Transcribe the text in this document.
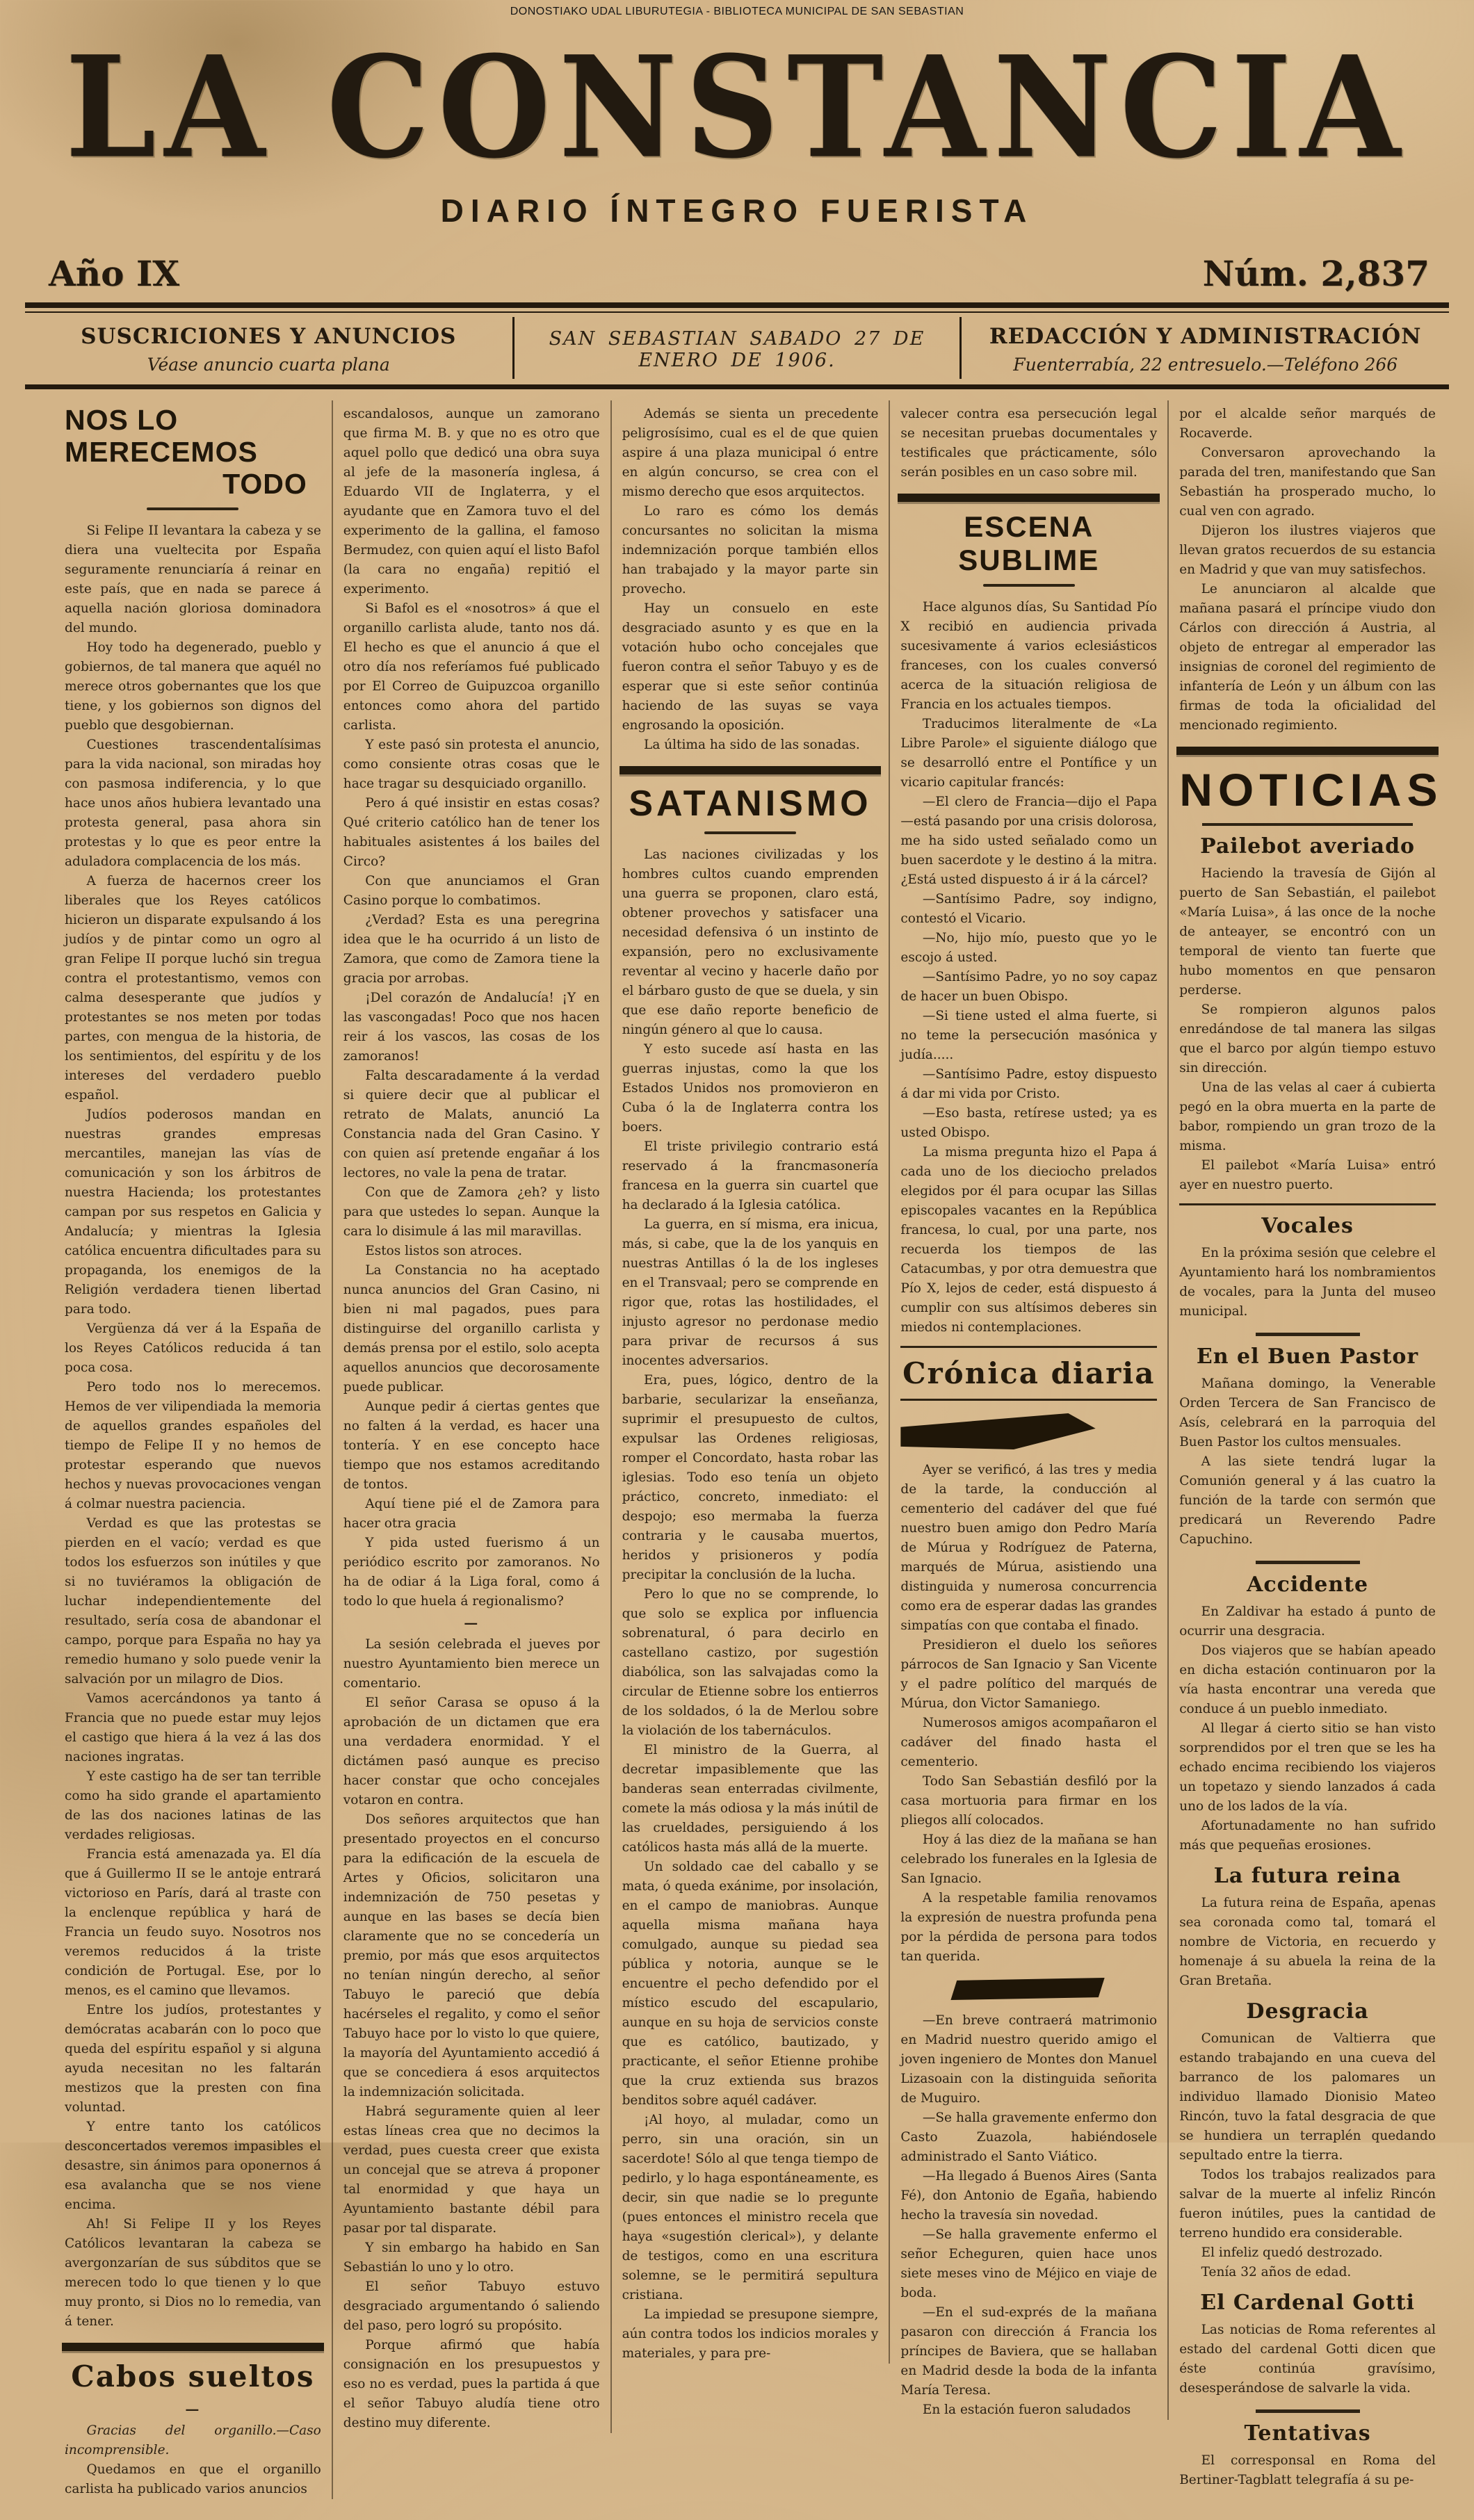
DONOSTIAKO UDAL LIBURUTEGIA - BIBLIOTECA MUNICIPAL DE SAN SEBASTIAN
LA CONSTANCIA
DIARIO ÍNTEGRO FUERISTA
Año IX	Núm. 2,837
SUSCRICIONES Y ANUNCIOS
Véase anuncio cuarta plana
SAN SEBASTIAN SABADO 27 DE ENERO DE 1906.
REDACCIÓN Y ADMINISTRACIÓN
Fuenterrabía, 22 entresuelo.—Teléfono 266
NOS LO MERECEMOS
TODO
Si Felipe II levantara la cabeza y se diera una vueltecita por España seguramente renunciaría á reinar en este país, que en nada se parece á aquella nación gloriosa dominadora del mundo.
Hoy todo ha degenerado, pueblo y gobiernos, de tal manera que aquél no merece otros gobernantes que los que tiene, y los gobiernos son dignos del pueblo que desgobiernan.
Cuestiones trascendentalísimas para la vida nacional, son miradas hoy con pasmosa indiferencia, y lo que hace unos años hubiera levantado una protesta general, pasa ahora sin protestas y lo que es peor entre la aduladora complacencia de los más.
A fuerza de hacernos creer los liberales que los Reyes católicos hicieron un disparate expulsando á los judíos y de pintar como un ogro al gran Felipe II porque luchó sin tregua contra el protestantismo, vemos con calma desesperante que judíos y protestantes se nos meten por todas partes, con mengua de la historia, de los sentimientos, del espíritu y de los intereses del verdadero pueblo español.
Judíos poderosos mandan en nuestras grandes empresas mercantiles, manejan las vías de comunicación y son los árbitros de nuestra Hacienda; los protestantes campan por sus respetos en Galicia y Andalucía; y mientras la Iglesia católica encuentra dificultades para su propaganda, los enemigos de la Religión verdadera tienen libertad para todo.
Vergüenza dá ver á la España de los Reyes Católicos reducida á tan poca cosa.
Pero todo nos lo merecemos. Hemos de ver vilipendiada la memoria de aquellos grandes españoles del tiempo de Felipe II y no hemos de protestar esperando que nuevos hechos y nuevas provocaciones vengan á colmar nuestra paciencia.
Verdad es que las protestas se pierden en el vacío; verdad es que todos los esfuerzos son inútiles y que si no tuviéramos la obligación de luchar independientemente del resultado, sería cosa de abandonar el campo, porque para España no hay ya remedio humano y solo puede venir la salvación por un milagro de Dios.
Vamos acercándonos ya tanto á Francia que no puede estar muy lejos el castigo que hiera á la vez á las dos naciones ingratas.
Y este castigo ha de ser tan terrible como ha sido grande el apartamiento de las dos naciones latinas de las verdades religiosas.
Francia está amenazada ya. El día que á Guillermo II se le antoje entrará victorioso en París, dará al traste con la enclenque república y hará de Francia un feudo suyo. Nosotros nos veremos reducidos á la triste condición de Portugal. Ese, por lo menos, es el camino que llevamos.
Entre los judíos, protestantes y demócratas acabarán con lo poco que queda del espíritu español y si alguna ayuda necesitan no les faltarán mestizos que la presten con fina voluntad.
Y entre tanto los católicos desconcertados veremos impasibles el desastre, sin ánimos para oponernos á esa avalancha que se nos viene encima.
Ah! Si Felipe II y los Reyes Católicos levantaran la cabeza se avergonzarían de sus súbditos que se merecen todo lo que tienen y lo que muy pronto, si Dios no lo remedia, van á tener.
Cabos sueltos
—
Gracias del organillo.—Caso incomprensible.
Quedamos en que el organillo carlista ha publicado varios anuncios
escandalosos, aunque un zamorano que firma M. B. y que no es otro que aquel pollo que dedicó una obra suya al jefe de la masonería inglesa, á Eduardo VII de Inglaterra, y el ayudante que en Zamora tuvo el del experimento de la gallina, el famoso Bermudez, con quien aquí el listo Bafol (la cara no engaña) repitió el experimento.
Si Bafol es el «nosotros» á que el organillo carlista alude, tanto nos dá. El hecho es que el anuncio á que el otro día nos referíamos fué publicado por El Correo de Guipuzcoa organillo entonces como ahora del partido carlista.
Y este pasó sin protesta el anuncio, como consiente otras cosas que le hace tragar su desquiciado organillo.
Pero á qué insistir en estas cosas? Qué criterio católico han de tener los habituales asistentes á los bailes del Circo?
Con que anunciamos el Gran Casino porque lo combatimos.
¿Verdad? Esta es una peregrina idea que le ha ocurrido á un listo de Zamora, que como de Zamora tiene la gracia por arrobas.
¡Del corazón de Andalucía! ¡Y en las vascongadas! Poco que nos hacen reir á los vascos, las cosas de los zamoranos!
Falta descaradamente á la verdad si quiere decir que al publicar el retrato de Malats, anunció La Constancia nada del Gran Casino. Y con quien así pretende engañar á los lectores, no vale la pena de tratar.
Con que de Zamora ¿eh? y listo para que ustedes lo sepan. Aunque la cara lo disimule á las mil maravillas.
Estos listos son atroces.
La Constancia no ha aceptado nunca anuncios del Gran Casino, ni bien ni mal pagados, pues para distinguirse del organillo carlista y demás prensa por el estilo, solo acepta aquellos anuncios que decorosamente puede publicar.
Aunque pedir á ciertas gentes que no falten á la verdad, es hacer una tontería. Y en ese concepto hace tiempo que nos estamos acreditando de tontos.
Aquí tiene pié el de Zamora para hacer otra gracia
Y pida usted fuerismo á un periódico escrito por zamoranos. No ha de odiar á la Liga foral, como á todo lo que huela á regionalismo?
—
La sesión celebrada el jueves por nuestro Ayuntamiento bien merece un comentario.
El señor Carasa se opuso á la aprobación de un dictamen que era una verdadera enormidad. Y el dictámen pasó aunque es preciso hacer constar que ocho concejales votaron en contra.
Dos señores arquitectos que han presentado proyectos en el concurso para la edificación de la escuela de Artes y Oficios, solicitaron una indemnización de 750 pesetas y aunque en las bases se decía bien claramente que no se concedería un premio, por más que esos arquitectos no tenían ningún derecho, al señor Tabuyo le pareció que debía hacérseles el regalito, y como el señor Tabuyo hace por lo visto lo que quiere, la mayoría del Ayuntamiento accedió á que se concediera á esos arquitectos la indemnización solicitada.
Habrá seguramente quien al leer estas líneas crea que no decimos la verdad, pues cuesta creer que exista un concejal que se atreva á proponer tal enormidad y que haya un Ayuntamiento bastante débil para pasar por tal disparate.
Y sin embargo ha habido en San Sebastián lo uno y lo otro.
El señor Tabuyo estuvo desgraciado argumentando ó saliendo del paso, pero logró su propósito.
Porque afirmó que había consignación en los presupuestos y eso no es verdad, pues la partida á que el señor Tabuyo aludía tiene otro destino muy diferente.
Además se sienta un precedente peligrosísimo, cual es el de que quien aspire á una plaza municipal ó entre en algún concurso, se crea con el mismo derecho que esos arquitectos.
Lo raro es cómo los demás concursantes no solicitan la misma indemnización porque también ellos han trabajado y la mayor parte sin provecho.
Hay un consuelo en este desgraciado asunto y es que en la votación hubo ocho concejales que fueron contra el señor Tabuyo y es de esperar que si este señor continúa haciendo de las suyas se vaya engrosando la oposición.
La última ha sido de las sonadas.
SATANISMO
Las naciones civilizadas y los hombres cultos cuando emprenden una guerra se proponen, claro está, obtener provechos y satisfacer una necesidad defensiva ó un instinto de expansión, pero no exclusivamente reventar al vecino y hacerle daño por el bárbaro gusto de que se duela, y sin que ese daño reporte beneficio de ningún género al que lo causa.
Y esto sucede así hasta en las guerras injustas, como la que los Estados Unidos nos promovieron en Cuba ó la de Inglaterra contra los boers.
El triste privilegio contrario está reservado á la francmasonería francesa en la guerra sin cuartel que ha declarado á la Iglesia católica.
La guerra, en sí misma, era inicua, más, si cabe, que la de los yanquis en nuestras Antillas ó la de los ingleses en el Transvaal; pero se comprende en rigor que, rotas las hostilidades, el injusto agresor no perdonase medio para privar de recursos á sus inocentes adversarios.
Era, pues, lógico, dentro de la barbarie, secularizar la enseñanza, suprimir el presupuesto de cultos, expulsar las Ordenes religiosas, romper el Concordato, hasta robar las iglesias. Todo eso tenía un objeto práctico, concreto, inmediato: el despojo; eso mermaba la fuerza contraria y le causaba muertos, heridos y prisioneros y podía precipitar la conclusión de la lucha.
Pero lo que no se comprende, lo que solo se explica por influencia sobrenatural, ó para decirlo en castellano castizo, por sugestión diabólica, son las salvajadas como la circular de Etienne sobre los entierros de los soldados, ó la de Merlou sobre la violación de los tabernáculos.
El ministro de la Guerra, al decretar impasiblemente que las banderas sean enterradas civilmente, comete la más odiosa y la más inútil de las crueldades, persiguiendo á los católicos hasta más allá de la muerte.
Un soldado cae del caballo y se mata, ó queda exánime, por insolación, en el campo de maniobras. Aunque aquella misma mañana haya comulgado, aunque su piedad sea pública y notoria, aunque se le encuentre el pecho defendido por el místico escudo del escapulario, aunque en su hoja de servicios conste que es católico, bautizado, y practicante, el señor Etienne prohibe que la cruz extienda sus brazos benditos sobre aquél cadáver.
¡Al hoyo, al muladar, como un perro, sin una oración, sin un sacerdote! Sólo al que tenga tiempo de pedirlo, y lo haga espontáneamente, es decir, sin que nadie se lo pregunte (pues entonces el ministro recela que haya «sugestión clerical»), y delante de testigos, como en una escritura solemne, se le permitirá sepultura cristiana.
La impiedad se presupone siempre, aún contra todos los indicios morales y materiales, y para pre-
valecer contra esa persecución legal se necesitan pruebas documentales y testificales que prácticamente, sólo serán posibles en un caso sobre mil.
ESCENA SUBLIME
Hace algunos días, Su Santidad Pío X recibió en audiencia privada sucesivamente á varios eclesiásticos franceses, con los cuales conversó acerca de la situación religiosa de Francia en los actuales tiempos.
Traducimos literalmente de «La Libre Parole» el siguiente diálogo que se desarrolló entre el Pontífice y un vicario capitular francés:
—El clero de Francia—dijo el Papa—está pasando por una crisis dolorosa, me ha sido usted señalado como un buen sacerdote y le destino á la mitra. ¿Está usted dispuesto á ir á la cárcel?
—Santísimo Padre, soy indigno, contestó el Vicario.
—No, hijo mío, puesto que yo le escojo á usted.
—Santísimo Padre, yo no soy capaz de hacer un buen Obispo.
—Si tiene usted el alma fuerte, si no teme la persecución masónica y judía.....
—Santísimo Padre, estoy dispuesto á dar mi vida por Cristo.
—Eso basta, retírese usted; ya es usted Obispo.
La misma pregunta hizo el Papa á cada uno de los dieciocho prelados elegidos por él para ocupar las Sillas episcopales vacantes en la República francesa, lo cual, por una parte, nos recuerda los tiempos de las Catacumbas, y por otra demuestra que Pío X, lejos de ceder, está dispuesto á cumplir con sus altísimos deberes sin miedos ni contemplaciones.
Crónica diaria
Ayer se verificó, á las tres y media de la tarde, la conducción al cementerio del cadáver del que fué nuestro buen amigo don Pedro María de Múrua y Rodríguez de Paterna, marqués de Múrua, asistiendo una distinguida y numerosa concurrencia como era de esperar dadas las grandes simpatías con que contaba el finado.
Presidieron el duelo los señores párrocos de San Ignacio y San Vicente y el padre político del marqués de Múrua, don Victor Samaniego.
Numerosos amigos acompañaron el cadáver del finado hasta el cementerio.
Todo San Sebastián desfiló por la casa mortuoria para firmar en los pliegos allí colocados.
Hoy á las diez de la mañana se han celebrado los funerales en la Iglesia de San Ignacio.
A la respetable familia renovamos la expresión de nuestra profunda pena por la pérdida de persona para todos tan querida.
—En breve contraerá matrimonio en Madrid nuestro querido amigo el joven ingeniero de Montes don Manuel Lizasoain con la distinguida señorita de Muguiro.
—Se halla gravemente enfermo don Casto Zuazola, habiéndosele administrado el Santo Viático.
—Ha llegado á Buenos Aires (Santa Fé), don Antonio de Egaña, habiendo hecho la travesía sin novedad.
—Se halla gravemente enfermo el señor Echeguren, quien hace unos siete meses vino de Méjico en viaje de boda.
—En el sud-exprés de la mañana pasaron con dirección á Francia los príncipes de Baviera, que se hallaban en Madrid desde la boda de la infanta María Teresa.
En la estación fueron saludados
por el alcalde señor marqués de Rocaverde.
Conversaron aprovechando la parada del tren, manifestando que San Sebastián ha prosperado mucho, lo cual ven con agrado.
Dijeron los ilustres viajeros que llevan gratos recuerdos de su estancia en Madrid y que van muy satisfechos.
Le anunciaron al alcalde que mañana pasará el príncipe viudo don Cárlos con dirección á Austria, al objeto de entregar al emperador las insignias de coronel del regimiento de infantería de León y un álbum con las firmas de toda la oficialidad del mencionado regimiento.
NOTICIAS
Pailebot averiado
Haciendo la travesía de Gijón al puerto de San Sebastián, el pailebot «María Luisa», á las once de la noche de anteayer, se encontró con un temporal de viento tan fuerte que hubo momentos en que pensaron perderse.
Se rompieron algunos palos enredándose de tal manera las silgas que el barco por algún tiempo estuvo sin dirección.
Una de las velas al caer á cubierta pegó en la obra muerta en la parte de babor, rompiendo un gran trozo de la misma.
El pailebot «María Luisa» entró ayer en nuestro puerto.
Vocales
En la próxima sesión que celebre el Ayuntamiento hará los nombramientos de vocales, para la Junta del museo municipal.
En el Buen Pastor
Mañana domingo, la Venerable Orden Tercera de San Francisco de Asís, celebrará en la parroquia del Buen Pastor los cultos mensuales.
A las siete tendrá lugar la Comunión general y á las cuatro la función de la tarde con sermón que predicará un Reverendo Padre Capuchino.
Accidente
En Zaldivar ha estado á punto de ocurrir una desgracia.
Dos viajeros que se habían apeado en dicha estación continuaron por la vía hasta encontrar una vereda que conduce á un pueblo inmediato.
Al llegar á cierto sitio se han visto sorprendidos por el tren que se les ha echado encima recibiendo los viajeros un topetazo y siendo lanzados á cada uno de los lados de la vía.
Afortunadamente no han sufrido más que pequeñas erosiones.
La futura reina
La futura reina de España, apenas sea coronada como tal, tomará el nombre de Victoria, en recuerdo y homenaje á su abuela la reina de la Gran Bretaña.
Desgracia
Comunican de Valtierra que estando trabajando en una cueva del barranco de los palomares un individuo llamado Dionisio Mateo Rincón, tuvo la fatal desgracia de que se hundiera un terraplén quedando sepultado entre la tierra.
Todos los trabajos realizados para salvar de la muerte al infeliz Rincón fueron inútiles, pues la cantidad de terreno hundido era considerable.
El infeliz quedó destrozado.
Tenía 32 años de edad.
El Cardenal Gotti
Las noticias de Roma referentes al estado del cardenal Gotti dicen que éste continúa gravísimo, desesperándose de salvarle la vida.
Tentativas
El corresponsal en Roma del Bertiner-Tagblatt telegrafía á su pe-
